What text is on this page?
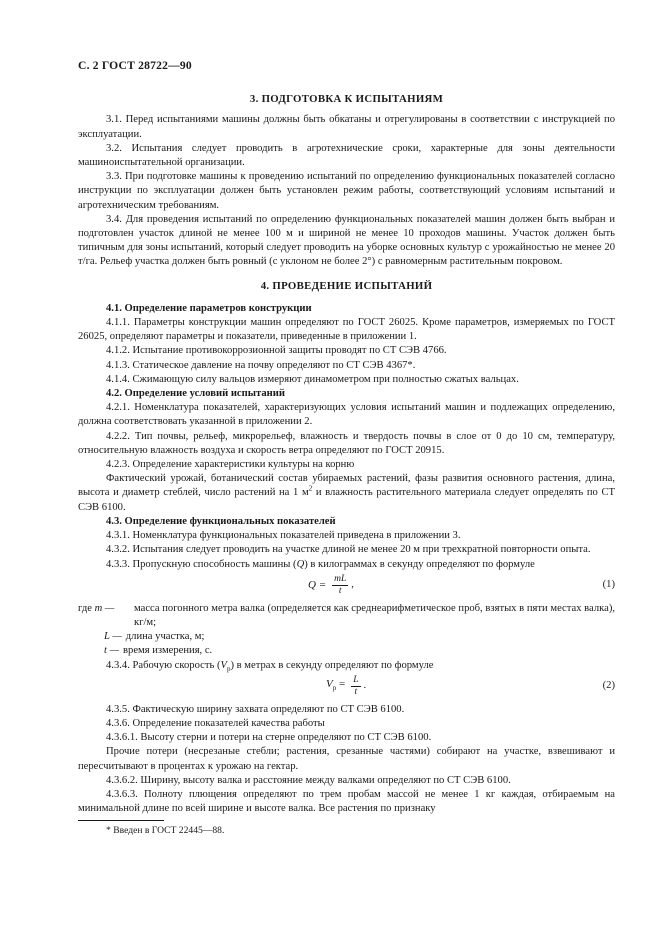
С. 2 ГОСТ 28722—90
3. ПОДГОТОВКА К ИСПЫТАНИЯМ

3.1. Перед испытаниями машины должны быть обкатаны и отрегулированы в соответствии с инструкцией по эксплуатации.

3.2. Испытания следует проводить в агротехнические сроки, характерные для зоны деятельности машиноиспытательной организации.

3.3. При подготовке машины к проведению испытаний по определению функциональных показателей согласно инструкции по эксплуатации должен быть установлен режим работы, соответствующий условиям испытаний и агротехническим требованиям.

3.4. Для проведения испытаний по определению функциональных показателей машин должен быть выбран и подготовлен участок длиной не менее 100 м и шириной не менее 10 проходов машины. Участок должен быть типичным для зоны испытаний, который следует проводить на уборке основных культур с урожайностью не менее 20 т/га. Рельеф участка должен быть ровный (с уклоном не более 2°) с равномерным растительным покровом.

4. ПРОВЕДЕНИЕ ИСПЫТАНИЙ

4.1. Определение параметров конструкции

4.1.1. Параметры конструкции машин определяют по ГОСТ 26025. Кроме параметров, измеряемых по ГОСТ 26025, определяют параметры и показатели, приведенные в приложении 1.

4.1.2. Испытание противокоррозионной защиты проводят по СТ СЭВ 4766.

4.1.3. Статическое давление на почву определяют по СТ СЭВ 4367*.

4.1.4. Сжимающую силу вальцов измеряют динамометром при полностью сжатых вальцах.

4.2. Определение условий испытаний

4.2.1. Номенклатура показателей, характеризующих условия испытаний машин и подлежащих определению, должна соответствовать указанной в приложении 2.

4.2.2. Тип почвы, рельеф, микрорельеф, влажность и твердость почвы в слое от 0 до 10 см, температуру, относительную влажность воздуха и скорость ветра определяют по ГОСТ 20915.

4.2.3. Определение характеристики культуры на корню

Фактический урожай, ботанический состав убираемых растений, фазы развития основного растения, длина, высота и диаметр стеблей, число растений на 1 $м^2$ и влажность растительного материала следует определять по СТ СЭВ 6100.

4.3. Определение функциональных показателей

4.3.1. Номенклатура функциональных показателей приведена в приложении 3.

4.3.2. Испытания следует проводить на участке длиной не менее 20 м при трехкратной повторности опыта.

4.3.3. Пропускную способность машины (Q) в килограммах в секунду определяют по формуле

$Q = \frac{mL}{t}$ ,	(1)
где m —	масса погонного метра валка (определяется как среднеарифметическое проб, взятых в пяти местах валка), кг/м;
L — длина участка, м;
t — время измерения, с.

4.3.4. Рабочую скорость $(V_р)$ в метрах в секунду определяют по формуле

$V_р = \frac{L}{t}$ .	(2)

4.3.5. Фактическую ширину захвата определяют по СТ СЭВ 6100.

4.3.6. Определение показателей качества работы

4.3.6.1. Высоту стерни и потери на стерне определяют по СТ СЭВ 6100.

Прочие потери (несрезаные стебли; растения, срезанные частями) собирают на участке, взвешивают и пересчитывают в процентах к урожаю на гектар.

4.3.6.2. Ширину, высоту валка и расстояние между валками определяют по СТ СЭВ 6100.

4.3.6.3. Полноту плющения определяют по трем пробам массой не менее 1 кг каждая, отбираемым на минимальной длине по всей ширине и высоте валка. Все растения по признаку

* Введен в ГОСТ 22445—88.
